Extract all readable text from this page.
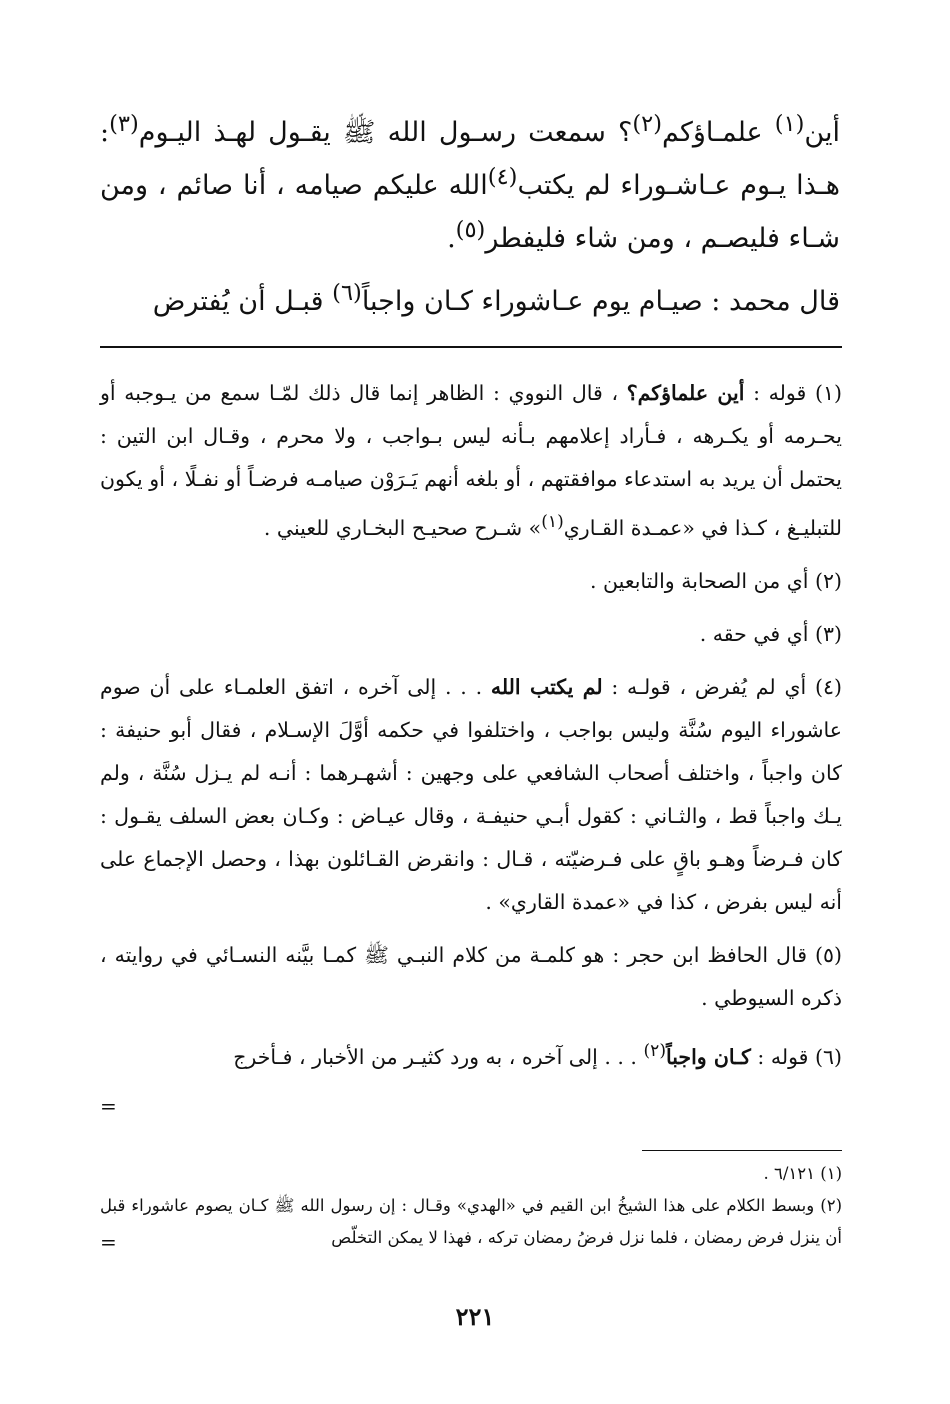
أين$^{(١)}$ علمـاؤكم$^{(٢)}$؟ سمعت رسـول الله ﷺ يقـول لهـذ اليـوم$^{(٣)}$: هـذا يـوم عـاشـوراء لم يكتب$^{(٤)}$الله عليكم صيامه ، أنا صائم ، ومن شـاء فليصـم ، ومن شاء فليفطر$^{(٥)}$.

قال محمد : صيـام يوم عـاشوراء كـان واجباً$^{(٦)}$ قبـل أن يُفترض

(١) قوله : أين علماؤكم؟ ، قال النووي : الظاهر إنما قال ذلك لمّـا سمع من يـوجبه أو يحـرمه أو يكـرهه ، فـأراد إعلامهم بـأنه ليس بـواجب ، ولا محرم ، وقـال ابن التين : يحتمل أن يريد به استدعاء موافقتهم ، أو بلغه أنهم يَـرَوْن صيامـه فرضـاً أو نفـلًا ، أو يكون للتبليـغ ، كـذا في «عمـدة القـاري$^{(١)}$» شـرح صحيـح البخـاري للعيني .

(٢) أي من الصحابة والتابعين .

(٣) أي في حقه .

(٤) أي لم يُفرض ، قولـه : لم يكتب الله . . . إلى آخره ، اتفق العلمـاء على أن صوم عاشوراء اليوم سُنَّة وليس بواجب ، واختلفوا في حكمه أوَّلَ الإسـلام ، فقال أبو حنيفة : كان واجباً ، واختلف أصحاب الشافعي على وجهين : أشهـرهما : أنـه لم يـزل سُنَّة ، ولم يـك واجباً قط ، والثـاني : كقول أبـي حنيفـة ، وقال عيـاض : وكـان بعض السلف يقـول : كان فـرضاً وهـو باقٍ على فـرضيّته ، قـال : وانقرض القـائلون بهذا ، وحصل الإجماع على أنه ليس بفرض ، كذا في «عمدة القاري» .

(٥) قال الحافظ ابن حجر : هو كلمـة من كلام النبـي ﷺ كمـا بيَّنه النسـائي في روايته ، ذكره السيوطي .

(٦) قوله : كـان واجباً$^{(٢)}$ . . . إلى آخره ، به ورد كثيـر من الأخبار ، فـأخرج

=

(١) ٦/١٢١ .

(٢) وبسط الكلام على هذا الشيخُ ابن القيم في «الهدي» وقـال : إن رسول الله ﷺ كـان يصوم عاشوراء قبل أن ينزل فرض رمضان ، فلما نزل فرضُ رمضان تركه ، فهذا لا يمكن التخلّص

=
٢٢١
